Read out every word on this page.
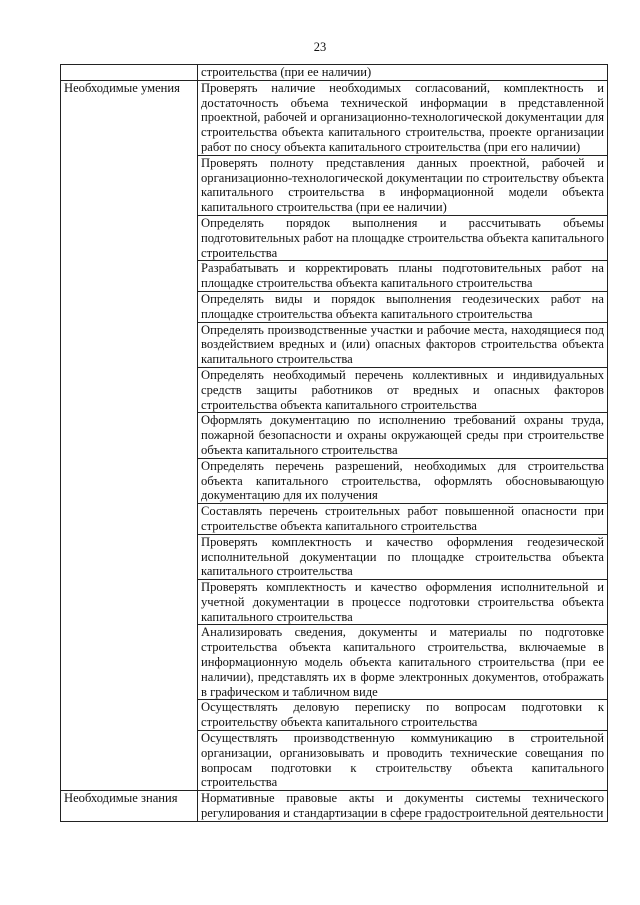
23
	строительства (при ее наличии)
Необходимые умения	Проверять наличие необходимых согласований, комплектность и достаточность объема технической информации в представленной проектной, рабочей и организационно-технологической документации для строительства объекта капитального строительства, проекте организации работ по сносу объекта капитального строительства (при его наличии)
	Проверять полноту представления данных проектной, рабочей и организационно-технологической документации по строительству объекта капитального строительства в информационной модели объекта капитального строительства (при ее наличии)
	Определять порядок выполнения и рассчитывать объемы подготовительных работ на площадке строительства объекта капитального строительства
	Разрабатывать и корректировать планы подготовительных работ на площадке строительства объекта капитального строительства
	Определять виды и порядок выполнения геодезических работ на площадке строительства объекта капитального строительства
	Определять производственные участки и рабочие места, находящиеся под воздействием вредных и (или) опасных факторов строительства объекта капитального строительства
	Определять необходимый перечень коллективных и индивидуальных средств защиты работников от вредных и опасных факторов строительства объекта капитального строительства
	Оформлять документацию по исполнению требований охраны труда, пожарной безопасности и охраны окружающей среды при строительстве объекта капитального строительства
	Определять перечень разрешений, необходимых для строительства объекта капитального строительства, оформлять обосновывающую документацию для их получения
	Составлять перечень строительных работ повышенной опасности при строительстве объекта капитального строительства
	Проверять комплектность и качество оформления геодезической исполнительной документации по площадке строительства объекта капитального строительства
	Проверять комплектность и качество оформления исполнительной и учетной документации в процессе подготовки строительства объекта капитального строительства
	Анализировать сведения, документы и материалы по подготовке строительства объекта капитального строительства, включаемые в информационную модель объекта капитального строительства (при ее наличии), представлять их в форме электронных документов, отображать в графическом и табличном виде
	Осуществлять деловую переписку по вопросам подготовки к строительству объекта капитального строительства
	Осуществлять производственную коммуникацию в строительной организации, организовывать и проводить технические совещания по вопросам подготовки к строительству объекта капитального строительства
Необходимые знания	Нормативные правовые акты и документы системы технического регулирования и стандартизации в сфере градостроительной деятельности
